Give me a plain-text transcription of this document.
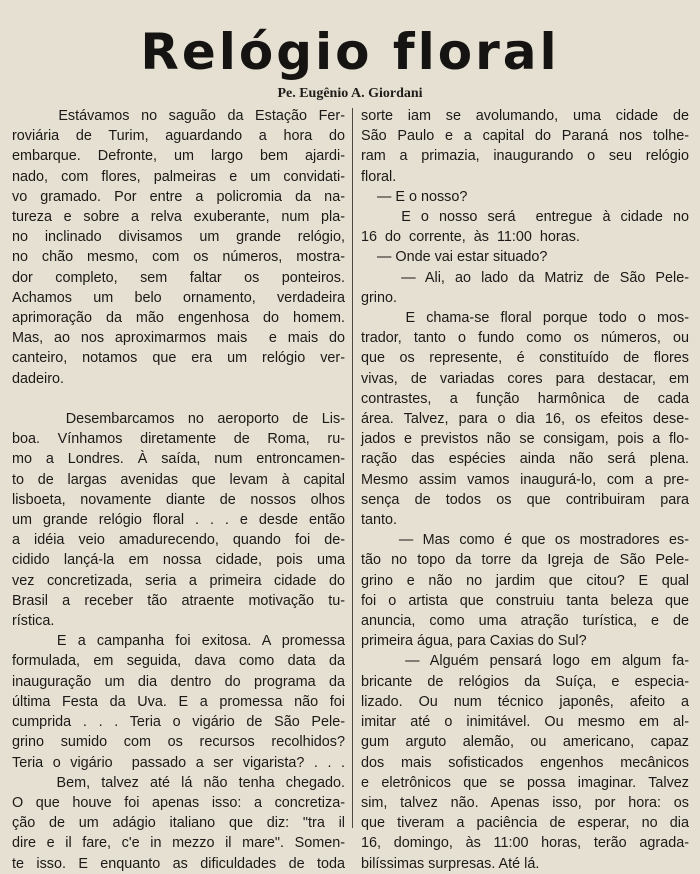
Relógio floral
Pe. Eugênio A. Giordani
Estávamos no saguão da Estação Fer-
roviária de Turim, aguardando a hora do
embarque. Defronte, um largo bem ajardi-
nado, com flores, palmeiras e um convidati-
vo gramado. Por entre a policromia da na-
tureza e sobre a relva exuberante, num pla-
no inclinado divisamos um grande relógio,
no chão mesmo, com os números, mostra-
dor completo, sem faltar os ponteiros.
Achamos um belo ornamento, verdadeira
aprimoração da mão engenhosa do homem.
Mas, ao nos aproximarmos mais  e mais do
canteiro, notamos que era um relógio ver-
dadeiro.

Desembarcamos no aeroporto de Lis-
boa. Vínhamos diretamente de Roma, ru-
mo a Londres. À saída, num entroncamen-
to de largas avenidas que levam à capital
lisboeta, novamente diante de nossos olhos
um grande relógio floral . . . e desde então
a idéia veio amadurecendo, quando foi de-
cidido lançá-la em nossa cidade, pois uma
vez concretizada, seria a primeira cidade do
Brasil a receber tão atraente motivação tu-
rística.
E a campanha foi exitosa. A promessa
formulada, em seguida, dava como data da
inauguração um dia dentro do programa da
última Festa da Uva. E a promessa não foi
cumprida . . . Teria o vigário de São Pele-
grino sumido com os recursos recolhidos?
Teria o vigário  passado a ser vigarista? . . .
Bem, talvez até lá não tenha chegado.
O que houve foi apenas isso: a concretiza-
ção de um adágio italiano que diz: "tra il
dire e il fare, c'e in mezzo il mare". Somen-
te isso. E enquanto as dificuldades de toda
sorte iam se avolumando, uma cidade de
São Paulo e a capital do Paraná nos tolhe-
ram a primazia, inaugurando o seu relógio
floral.
— E o nosso?
E o nosso será  entregue à cidade no
16  do  corrente,  às  11:00  horas.
— Onde vai estar situado?
— Ali, ao lado da Matriz de São Pele-
grino.
E chama-se floral porque todo o mos-
trador, tanto o fundo como os números, ou
que os represente, é constituído de flores
vivas, de variadas cores para destacar, em
contrastes, a função harmônica de cada
área. Talvez, para o dia 16, os efeitos dese-
jados e previstos não se consigam, pois a flo-
ração das espécies ainda não será plena.
Mesmo assim vamos inaugurá-lo, com a pre-
sença de todos os que contribuiram para
tanto.
— Mas como é que os mostradores es-
tão no topo da torre da Igreja de São Pele-
grino e não no jardim que citou? E qual
foi o artista que construiu tanta beleza que
anuncia, como uma atração turística, e de
primeira água, para Caxias do Sul?
— Alguém pensará logo em algum fa-
bricante de relógios da Suíça, e especia-
lizado. Ou num técnico japonês, afeito a
imitar até o inimitável. Ou mesmo em al-
gum arguto alemão, ou americano, capaz
dos mais sofisticados engenhos mecânicos
e eletrônicos que se possa imaginar. Talvez
sim, talvez não. Apenas isso, por hora: os
que tiveram a paciência de esperar, no dia
16, domingo, às 11:00 horas, terão agrada-
bilíssimas surpresas. Até lá.
